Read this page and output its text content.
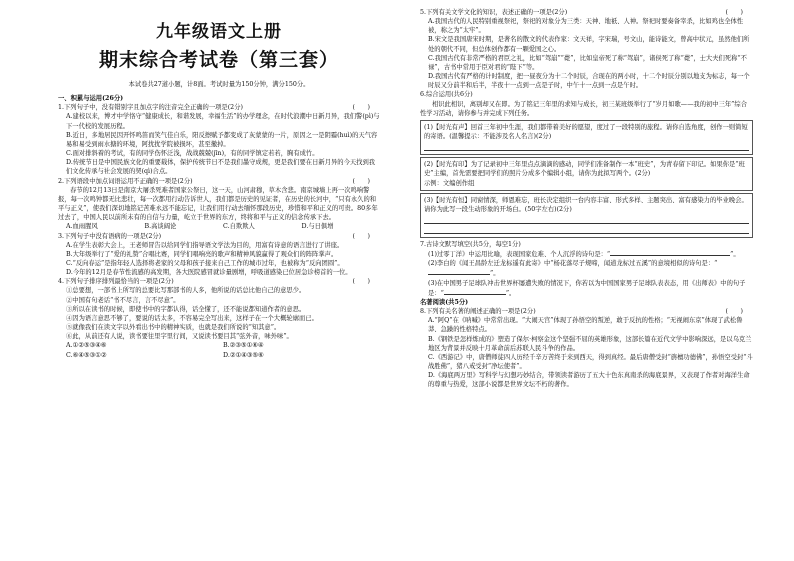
九年级语文上册
期末综合考试卷（第三套）
本试卷共27道小题，计8面。考试时量为150分钟，满分150分。
一、积累与运用(26分)
1.下列句子中，没有错别字且加点字的注音完全正确的一项是(2分)	(　　)
A.建校以来，博才中学恪守“健康成长，和谐发展，幸福生活”的办学理念，在时代浪潮中日新月异，我们警(pì)与下一代校的发展历程。
B.近日，多地居民因开怀鸣笛而笑气佳自乐，阳反擦赋予都变成了灰蒙蒙的一片，原因之一是阴霾(huì)的天气容易和易受到雨水搪的环境，阿扰扰学院被损坏，甚至撤掉。
C.面对排斜着的考试，有的同学伤怀泛浅，战战兢兢(jīn)，有的同学镇定若若，胸有成竹。
D.传统节日是中国民族文化的重要载体，保护传统节日不是我们墨守成规，更是我们要在日新月异的今天找到我们文化传承与社会发展的契(qì)合点。
2.下列语段中加点词语运用不正确的一项是(2分)	(　　)
春节的12月13日是南京大屠杀死难者国家公祭日，这一天，山河肃穆，草木含悲。南京城墙上再一次鸣响警报，每一次鸣钟都无比悲壮，每一次都用行动告诉世人，我们都是历史的见证者，在历史的长河中，“只有永久的和平与正义”，使我们深切地铭记苦难永远不能忘记，让我们用行动去缅怀那段历史，珍惜和平和正义的可贵。80多年过去了，中国人民以前所未有的自信与力量，屹立于世界的东方，终将和平与正义的信念传承下去。
A.血雨腥风	B.高谈阔论	C.自欺欺人	D.与日俱增
3.下列句子中没有语病的一项是(2分)	(　　)
A.在学生表彰大会上，王老师冒告以给同学们指导语文学法为目的，用富有诗意的语言进行了讲座。
B.大年级举行了“爱的礼赞”合唱比赛，同学们唱响亮的歌声和精神风貌赢得了观众们的阵阵掌声。
C.“反向春运”是指年轻人选择将老家的父母和孩子接来自己工作的城市过年，也被称为“反向团圆”。
D.今年的12月是春节性流感的高发期，各大医院感冒就诊量剧增，呼吸道感染已位居急诊榜首的一位。
4.下列句子排序排列最恰当的一项是(2分)	(　　)
①总要想，一部书上所写的总要比写那部书的人多，他所说的话总比他自己的意思少。
②中国有句老话“书不尽言，言不尽意”。
③所以在读书的时候，即使书中的字都认得，话全懂了，还不能说都知道作者的意思。
④因为语言意思不够了，要说的话太多，不容易完全写出来，这样子在一个大概轮廓而已。
⑤就像我们在读文字以外看出书中的精神实质，也就是我们所说的“知其意”。
⑥此，从前还有人说，读书要往里字里行间，又说读书要目其“弦外音，味外味”。
A.①②⑤③④⑥	B.②③⑤①⑥④
C.⑥④⑤③①②	D.②①④③⑤⑥
5.下列有关文学文化的知识，表述正确的一项是(2分)	(　　)
A.我国古代的人民特别重视祭祀，祭祀的对象分为三类：天神、地祇、人神。祭祀时要奏备宰杀，比如鸡也全体性被，称之为“太牢”。
B.宋文是我国唐宋时期，是著名的散文的代表作家：文天祥，字宋瑞，号文山，能诗能文，曾高中状元，虽然他们所处的朝代不同，但总体创作都有一颗爱国之心。
C.我国古代有非常严格的君臣之礼，比如“驾崩”“薨”，比如皇帝死了称“驾崩”，诸侯死了称“薨”，士大夫们死称“不禄”，古书中常用于臣对君的“陛下”等。
D.我国古代有严格的计时制度，把一昼夜分为十二个时辰，合现在的两小时，十二个时辰分别以地支为标志，每一个时辰又分前半和后半，半夜十一点到一点是子时，中午十一点到一点是午时。
6.综合运用(共6分)
相识此相识，离别却又在即。为了铭记三年里的求知与成长，初三某班级举行了“岁月如歌——我的初中三年”综合性学习活动，请你参与并完成下列任务。
(1)【时光有声】回首三年初中生涯，我们都带着美好的愿望，度过了一段特别的旅程。请你自选角度，创作一则简短的寄语。(温馨提示：不能涉及名人名言)(2分)
(2)【时光有印】为了记录初中三年里点点滴滴的感动，同学们准备制作一本“班史”，为青春留下印记。如果你是“班史”主编，首先需要把同学们的照片分成多个编辑小组，请你为此拟写两个。(2分)
示例：文编创作组
(3)【时光有恒】同窗情深，师恩难忘，班长决定组织一台内容丰富、形式多样、主题突出、富有感染力的毕业晚会。请你为此写一段生动形象的开场白。(50字左右)(2分)
7.古诗文默写填空(共5分，每空1分)
(1)过零丁洋》中运用比喻，表现国家危难、个人沉浮的诗句是：“	”。
(2)李白的《闻王昌龄左迁龙标遥有此寄》中“杨花落尽子规啼，闻道龙标过五溪”的意境相似的诗句是：“”。
(3)在中国男子足球队冲击世界杯屡遭失败的情况下，你若以为中国国家男子足球队表表态，用《出师表》中的句子是：“	”。
名著阅读(共5分)
8.下列有关名著的阐述正确的一项是(2分)	(　　)
A.“阿Q”在《呐喊》中常常出现。“大闹天宫”体现了孙悟空的叛逆，敢于反抗的性格；“无视闹东京”体现了武松鲁莽、急躁的性格特点。
B.《钢铁是怎样炼成的》塑造了保尔·柯察金这个坚强不屈的英雄形象，这部长篇在近代文学中影响深远，是以乌克兰地区为背景并反映十月革命前后苏联人民斗争的作品。
C.《西游记》中，唐僧师徒四人历经千辛万苦终于来到西天，得到真经。最后唐僧受封“旃檀功德佛”，孙悟空受封“斗战胜佛”，猪八戒受封“净坛使者”。
D.《海底两万里》写科学与幻想巧妙结合，带领读者游历了五大十色东真南杀的海底景界，又表现了作者对海洋生命的尊重与热爱，这部小说都是世界文坛不朽的著作。
